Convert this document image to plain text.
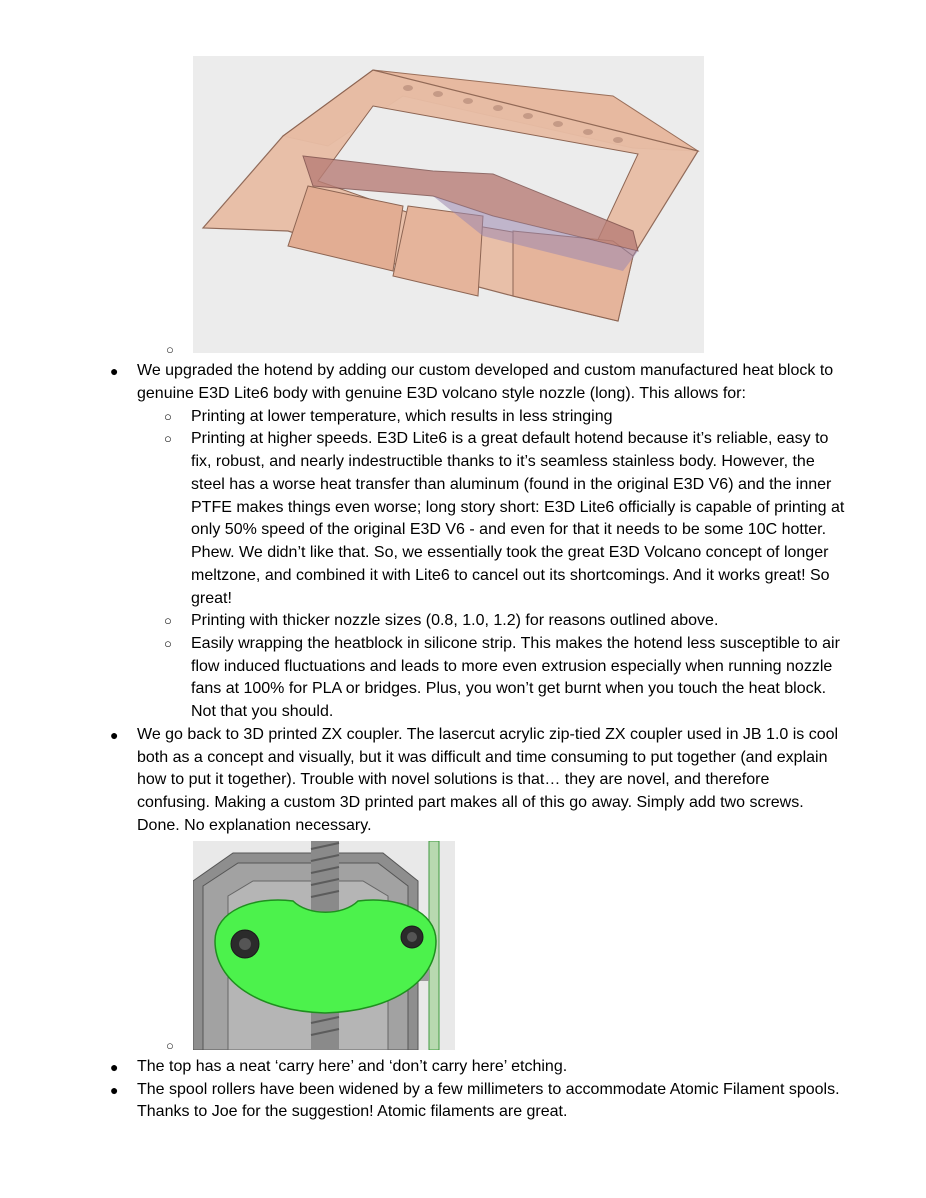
○
● We upgraded the hotend by adding our custom developed and custom manufactured heat block to
genuine E3D Lite6 body with genuine E3D volcano style nozzle (long). This allows for:
○ Printing at lower temperature, which results in less stringing
○ Printing at higher speeds. E3D Lite6 is a great default hotend because it’s reliable, easy to
fix, robust, and nearly indestructible thanks to it’s seamless stainless body. However, the
steel has a worse heat transfer than aluminum (found in the original E3D V6) and the inner
PTFE makes things even worse; long story short: E3D Lite6 officially is capable of printing at
only 50% speed of the original E3D V6 - and even for that it needs to be some 10C hotter.
Phew. We didn’t like that. So, we essentially took the great E3D Volcano concept of longer
meltzone, and combined it with Lite6 to cancel out its shortcomings. And it works great! So
great!
○ Printing with thicker nozzle sizes (0.8, 1.0, 1.2) for reasons outlined above.
○ Easily wrapping the heatblock in silicone strip. This makes the hotend less susceptible to air
flow induced fluctuations and leads to more even extrusion especially when running nozzle
fans at 100% for PLA or bridges. Plus, you won’t get burnt when you touch the heat block.
Not that you should.
● We go back to 3D printed ZX coupler. The lasercut acrylic zip-tied ZX coupler used in JB 1.0 is cool
both as a concept and visually, but it was difficult and time consuming to put together (and explain
how to put it together). Trouble with novel solutions is that… they are novel, and therefore
confusing. Making a custom 3D printed part makes all of this go away. Simply add two screws.
Done. No explanation necessary.
○
● The top has a neat ‘carry here’ and ‘don’t carry here’ etching.
● The spool rollers have been widened by a few millimeters to accommodate Atomic Filament spools.
Thanks to Joe for the suggestion! Atomic filaments are great.
